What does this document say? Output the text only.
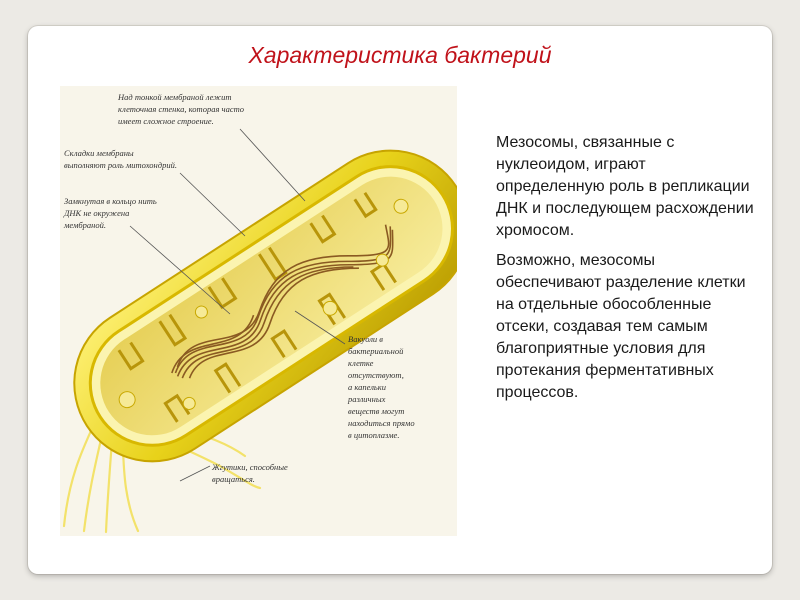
Характеристика бактерий
Над тонкой мембраной лежит
клеточная стенка, которая часто
имеет сложное строение.
Складки мембраны
выполняют роль митохондрий.
Замкнутая в кольцо нить
ДНК не окружена
мембраной.
Вакуоли в
бактериальной
клетке
отсутствуют,
а капельки
различных
веществ могут
находиться прямо
в цитоплазме.
Жгутики, способные
вращаться.

Мезосомы, связанные с нуклеоидом, играют определенную роль в репликации ДНК и последующем расхождении хромосом.

Возможно, мезосомы обеспечивают разделение клетки на отдельные обособленные отсеки, создавая тем самым благоприятные условия для протекания ферментативных процессов.
